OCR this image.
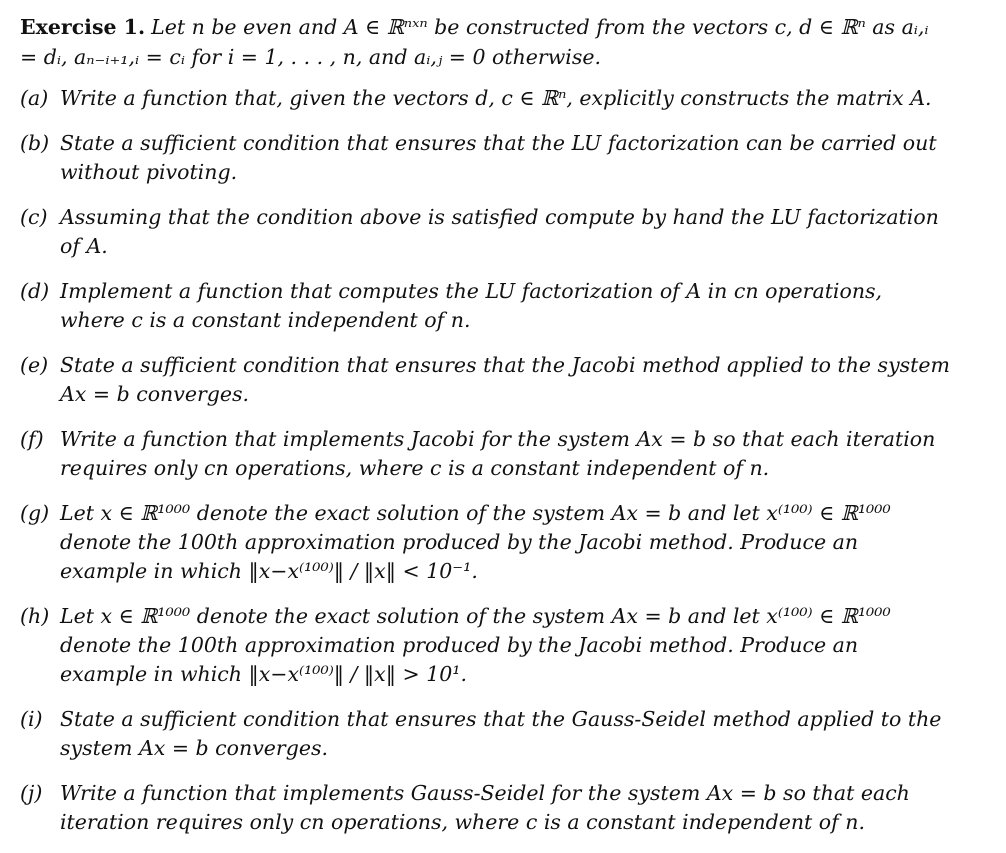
Exercise 1. Let n be even and A ∈ ℝⁿˣⁿ be constructed from the vectors c, d ∈ ℝⁿ as aᵢ,ᵢ = dᵢ, aₙ₋ᵢ₊₁,ᵢ = cᵢ for i = 1, . . . , n, and aᵢ,ⱼ = 0 otherwise.

(a) Write a function that, given the vectors d, c ∈ ℝⁿ, explicitly constructs the matrix A.
(b) State a sufficient condition that ensures that the LU factorization can be carried out without pivoting.
(c) Assuming that the condition above is satisfied compute by hand the LU factorization of A.
(d) Implement a function that computes the LU factorization of A in cn operations, where c is a constant independent of n.
(e) State a sufficient condition that ensures that the Jacobi method applied to the system Ax = b converges.
(f) Write a function that implements Jacobi for the system Ax = b so that each iteration requires only cn operations, where c is a constant independent of n.
(g) Let x ∈ ℝ¹⁰⁰⁰ denote the exact solution of the system Ax = b and let x⁽¹⁰⁰⁾ ∈ ℝ¹⁰⁰⁰ denote the 100th approximation produced by the Jacobi method. Produce an example in which ‖x−x⁽¹⁰⁰⁾‖ / ‖x‖ < 10⁻¹.
(h) Let x ∈ ℝ¹⁰⁰⁰ denote the exact solution of the system Ax = b and let x⁽¹⁰⁰⁾ ∈ ℝ¹⁰⁰⁰ denote the 100th approximation produced by the Jacobi method. Produce an example in which ‖x−x⁽¹⁰⁰⁾‖ / ‖x‖ > 10¹.
(i) State a sufficient condition that ensures that the Gauss-Seidel method applied to the system Ax = b converges.
(j) Write a function that implements Gauss-Seidel for the system Ax = b so that each iteration requires only cn operations, where c is a constant independent of n.
